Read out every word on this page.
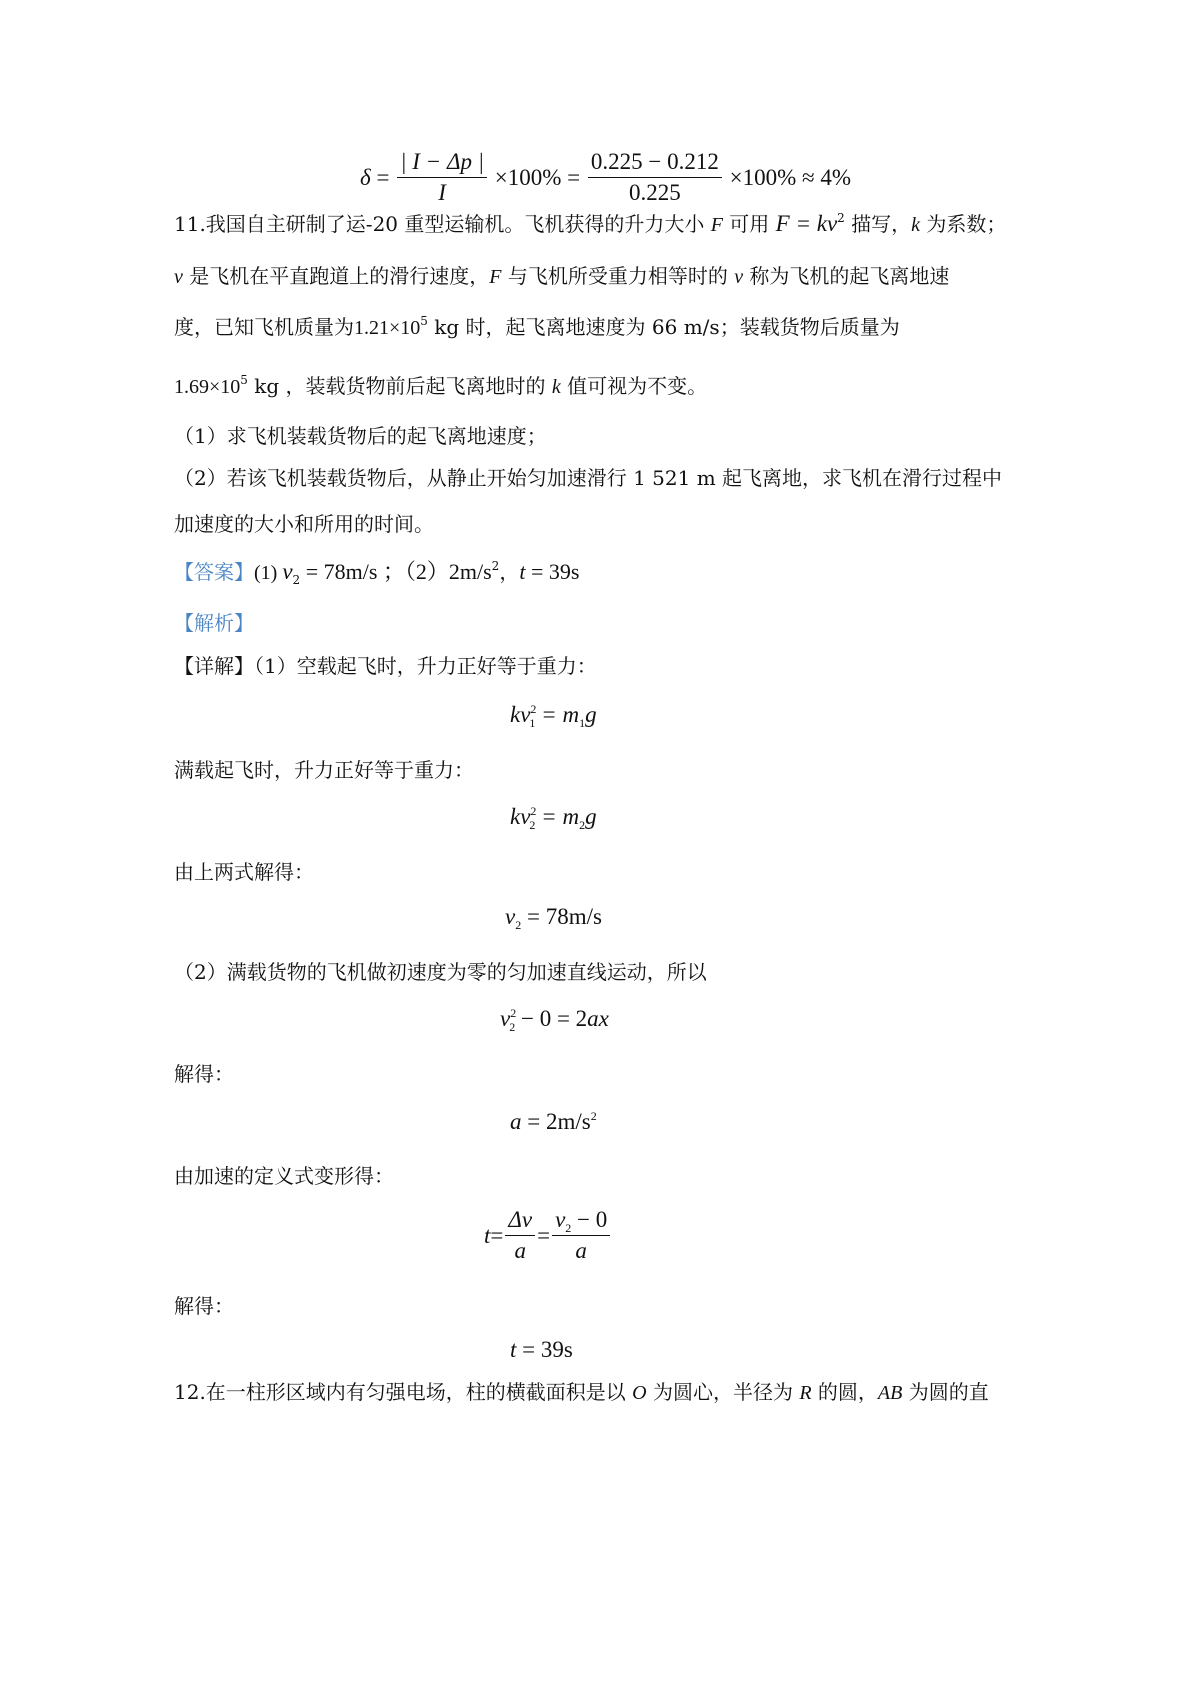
$\delta = \frac{| I - \Delta p |}{I} \times 100\% = \frac{0.225 - 0.212}{0.225} \times 100\% \approx 4\%$
11.我国自主研制了运-20 重型运输机。飞机获得的升力大小 F 可用 $F = kv^2$ 描写，k 为系数；
v 是飞机在平直跑道上的滑行速度，F 与飞机所受重力相等时的 v 称为飞机的起飞离地速
度，已知飞机质量为$1.21\times 10^5$ kg 时，起飞离地速度为 66 m/s；装载货物后质量为
$1.69\times 10^5$ kg ，装载货物前后起飞离地时的 k 值可视为不变。
（1）求飞机装载货物后的起飞离地速度；
（2）若该飞机装载货物后，从静止开始匀加速滑行 1 521 m 起飞离地，求飞机在滑行过程中
加速度的大小和所用的时间。
【答案】(1) $v_2 = 78m/s$ ；$(2)2m/s^2$，t = 39s
【解析】
【详解】（1）空载起飞时，升力正好等于重力：
$kv^2_1 = m_1g$
满载起飞时，升力正好等于重力：
$kv^2_2 = m_2g$
由上两式解得：
$v_2 = 78m/s$
（2）满载货物的飞机做初速度为零的匀加速直线运动，所以
$v^2_2 - 0 = 2ax$
解得：
$a = 2m/s^2$
由加速的定义式变形得：
$t= \frac{\Delta v}{a} = \frac{v_2 - 0}{a}$
解得：
t = 39s
12.在一柱形区域内有匀强电场，柱的横截面积是以 O 为圆心，半径为 R 的圆，AB 为圆的直
